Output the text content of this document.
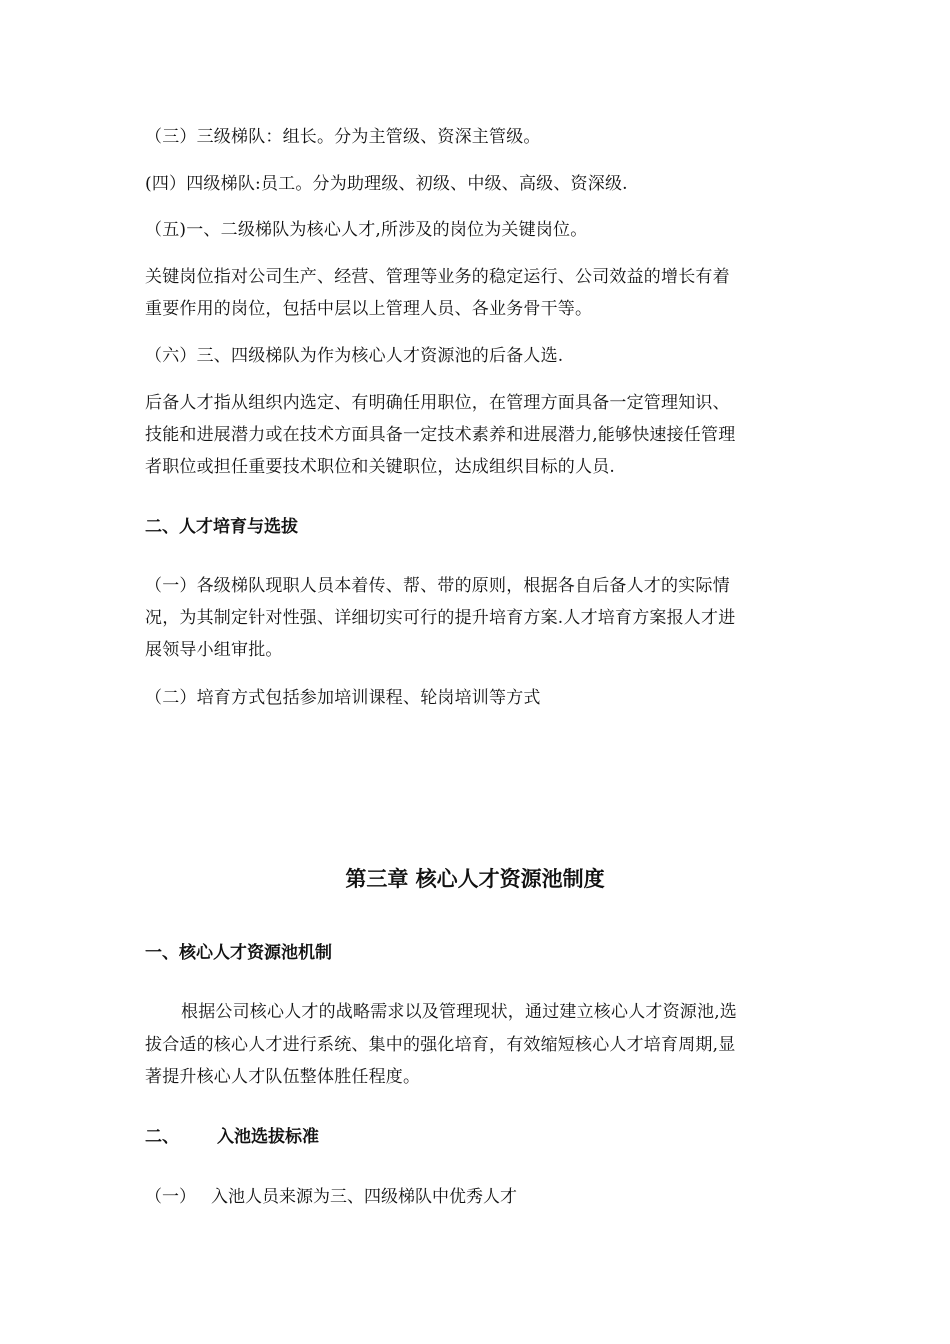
（三）三级梯队：组长。分为主管级、资深主管级。
(四）四级梯队:员工。分为助理级、初级、中级、高级、资深级.
（五)一、二级梯队为核心人才,所涉及的岗位为关键岗位。
关键岗位指对公司生产、经营、管理等业务的稳定运行、公司效益的增长有着
重要作用的岗位，包括中层以上管理人员、各业务骨干等。
（六）三、四级梯队为作为核心人才资源池的后备人选.
后备人才指从组织内选定、有明确任用职位，在管理方面具备一定管理知识、
技能和进展潜力或在技术方面具备一定技术素养和进展潜力,能够快速接任管理
者职位或担任重要技术职位和关键职位，达成组织目标的人员.
二、人才培育与选拔
（一）各级梯队现职人员本着传、帮、带的原则，根据各自后备人才的实际情
况，为其制定针对性强、详细切实可行的提升培育方案.人才培育方案报人才进
展领导小组审批。
（二）培育方式包括参加培训课程、轮岗培训等方式
第三章 核心人才资源池制度
一、核心人才资源池机制
根据公司核心人才的战略需求以及管理现状，通过建立核心人才资源池,选
拔合适的核心人才进行系统、集中的强化培育，有效缩短核心人才培育周期,显
著提升核心人才队伍整体胜任程度。
二、 入池选拔标准
（一） 入池人员来源为三、四级梯队中优秀人才
